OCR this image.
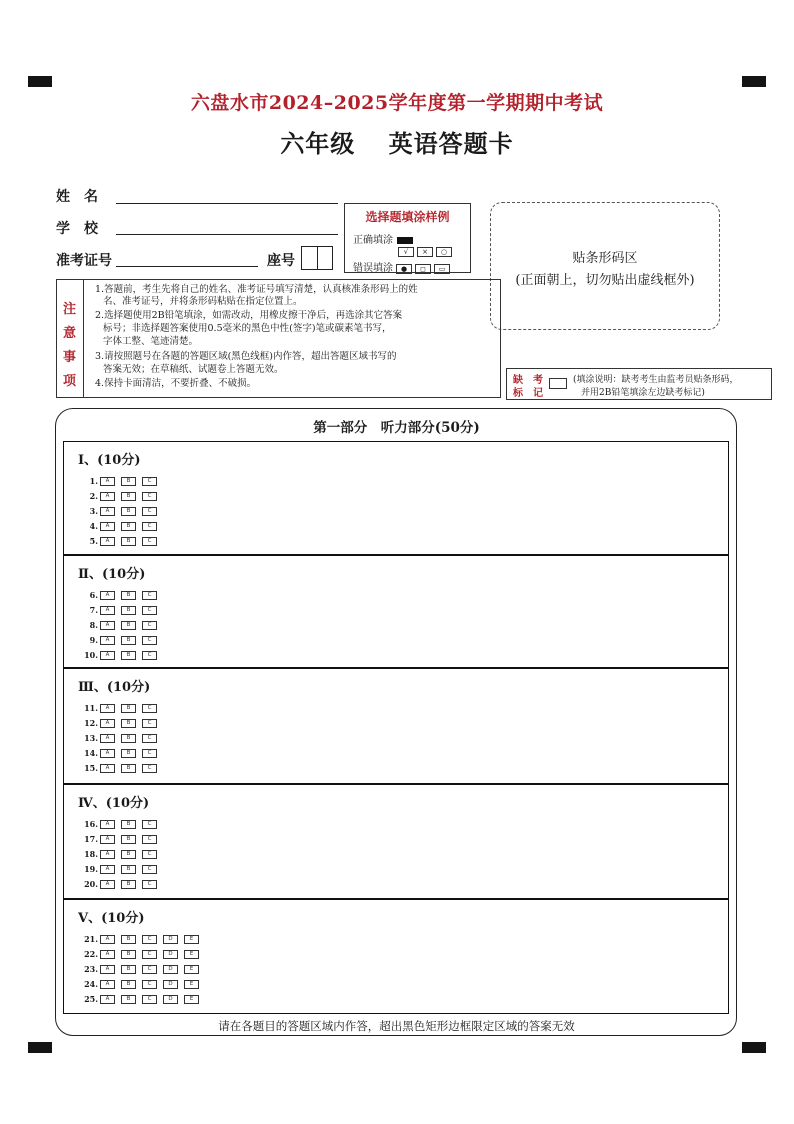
六盘水市2024–2025学年度第一学期期中考试
六年级 英语答题卡
姓　名
学　校
准考证号	座号
选择题填涂样例
正确填涂
√ × ○
错误填涂 ● ◻ ▭
贴条形码区
(正面朝上，切勿贴出虚线框外)
注
意
事
项
1.答题前，考生先将自己的姓名、准考证号填写清楚，认真核准条形码上的姓
名、准考证号，并将条形码粘贴在指定位置上。
2.选择题使用2B铅笔填涂，如需改动，用橡皮擦干净后，再选涂其它答案
标号；非选择题答案使用0.5毫米的黑色中性(签字)笔或碳素笔书写，
字体工整、笔迹清楚。
3.请按照题号在各题的答题区域(黑色线框)内作答，超出答题区域书写的
答案无效；在草稿纸、试题卷上答题无效。
4.保持卡面清洁，不要折叠、不破损。	缺　考
标　记
(填涂说明：缺考考生由监考员贴条形码，
并用2B铅笔填涂左边缺考标记)
第一部分　听力部分(50分)
Ⅰ、(10分)
1.	A	B	C
2.	A	B	C
3.	A	B	C
4.	A	B	C
5.	A	B	C
Ⅱ、(10分)
6.	A	B	C
7.	A	B	C
8.	A	B	C
9.	A	B	C
10.	A	B	C
Ⅲ、(10分)
11.	A	B	C
12.	A	B	C
13.	A	B	C
14.	A	B	C
15.	A	B	C
Ⅳ、(10分)
16.	A	B	C
17.	A	B	C
18.	A	B	C
19.	A	B	C
20.	A	B	C
Ⅴ、(10分)
21.	A	B	C	D	E
22.	A	B	C	D	E
23.	A	B	C	D	E
24.	A	B	C	D	E
25.	A	B	C	D	E
请在各题目的答题区域内作答，超出黑色矩形边框限定区域的答案无效
